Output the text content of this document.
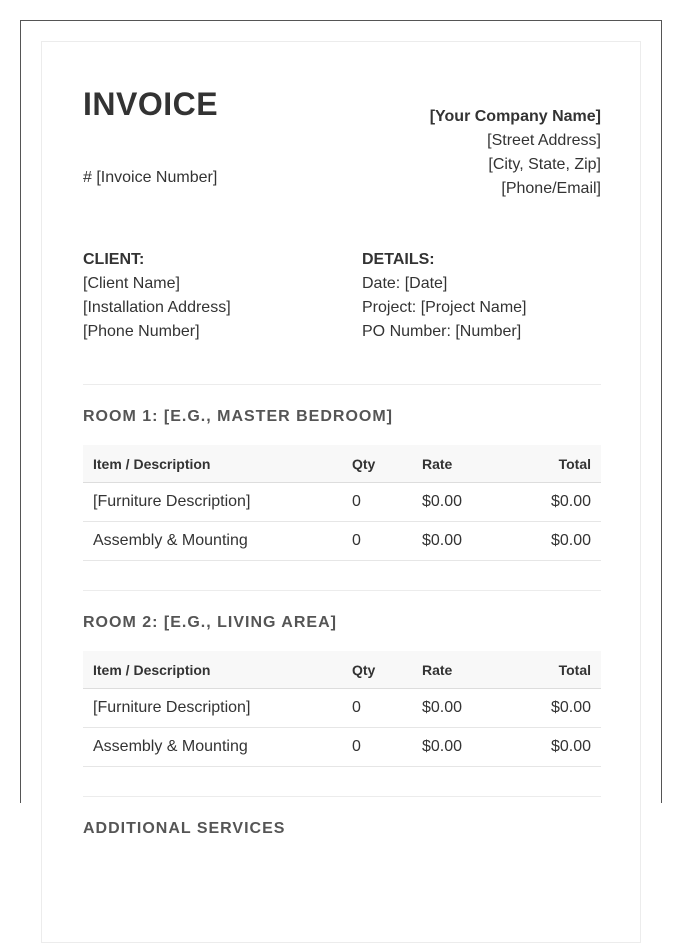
INVOICE
# [Invoice Number]
[Your Company Name]
[Street Address]
[City, State, Zip]
[Phone/Email]
CLIENT:
[Client Name]
[Installation Address]
[Phone Number]
DETAILS:
Date: [Date]
Project: [Project Name]
PO Number: [Number]
ROOM 1: [E.G., MASTER BEDROOM]
Item / Description	Qty	Rate	Total
[Furniture Description]	0	$0.00	$0.00
Assembly & Mounting	0	$0.00	$0.00
ROOM 2: [E.G., LIVING AREA]
Item / Description	Qty	Rate	Total
[Furniture Description]	0	$0.00	$0.00
Assembly & Mounting	0	$0.00	$0.00
ADDITIONAL SERVICES
